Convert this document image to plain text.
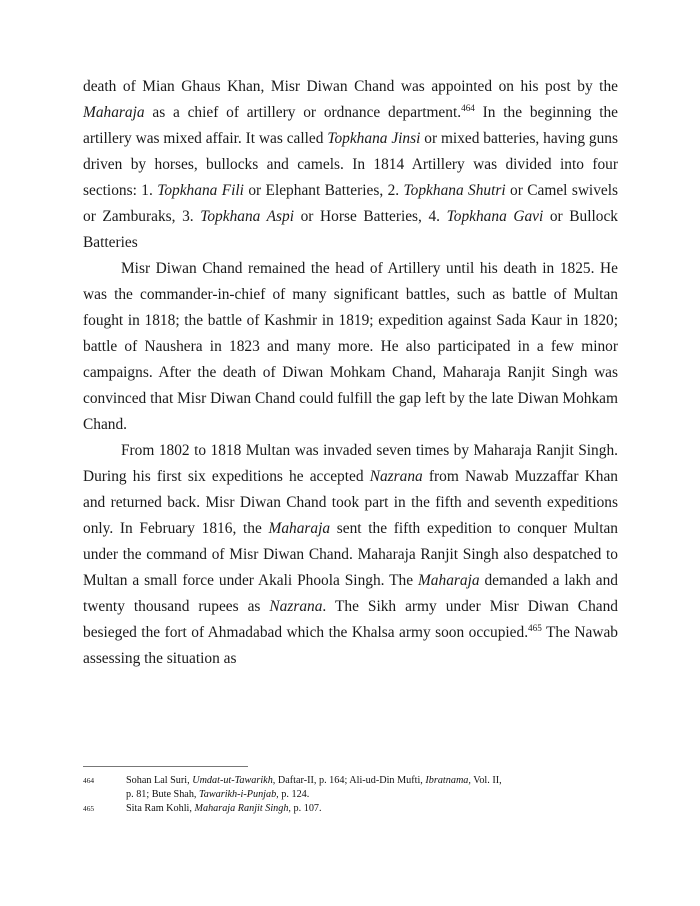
death of Mian Ghaus Khan, Misr Diwan Chand was appointed on his post by the Maharaja as a chief of artillery or ordnance department.$^{464}$ In the beginning the artillery was mixed affair. It was called Topkhana Jinsi or mixed batteries, having guns driven by horses, bullocks and camels. In 1814 Artillery was divided into four sections: 1. Topkhana Fili or Elephant Batteries, 2. Topkhana Shutri or Camel swivels or Zamburaks, 3. Topkhana Aspi or Horse Batteries, 4. Topkhana Gavi or Bullock Batteries

Misr Diwan Chand remained the head of Artillery until his death in 1825. He was the commander-in-chief of many significant battles, such as battle of Multan fought in 1818; the battle of Kashmir in 1819; expedition against Sada Kaur in 1820; battle of Naushera in 1823 and many more. He also participated in a few minor campaigns. After the death of Diwan Mohkam Chand, Maharaja Ranjit Singh was convinced that Misr Diwan Chand could fulfill the gap left by the late Diwan Mohkam Chand.

From 1802 to 1818 Multan was invaded seven times by Maharaja Ranjit Singh. During his first six expeditions he accepted Nazrana from Nawab Muzzaffar Khan and returned back. Misr Diwan Chand took part in the fifth and seventh expeditions only. In February 1816, the Maharaja sent the fifth expedition to conquer Multan under the command of Misr Diwan Chand. Maharaja Ranjit Singh also despatched to Multan a small force under Akali Phoola Singh. The Maharaja demanded a lakh and twenty thousand rupees as Nazrana. The Sikh army under Misr Diwan Chand besieged the fort of Ahmadabad which the Khalsa army soon occupied.$^{465}$ The Nawab assessing the situation as

464	Sohan Lal Suri, Umdat-ut-Tawarikh, Daftar-II, p. 164; Ali-ud-Din Mufti, Ibratnama, Vol. II,
p. 81; Bute Shah, Tawarikh-i-Punjab, p. 124.
465	Sita Ram Kohli, Maharaja Ranjit Singh, p. 107.
